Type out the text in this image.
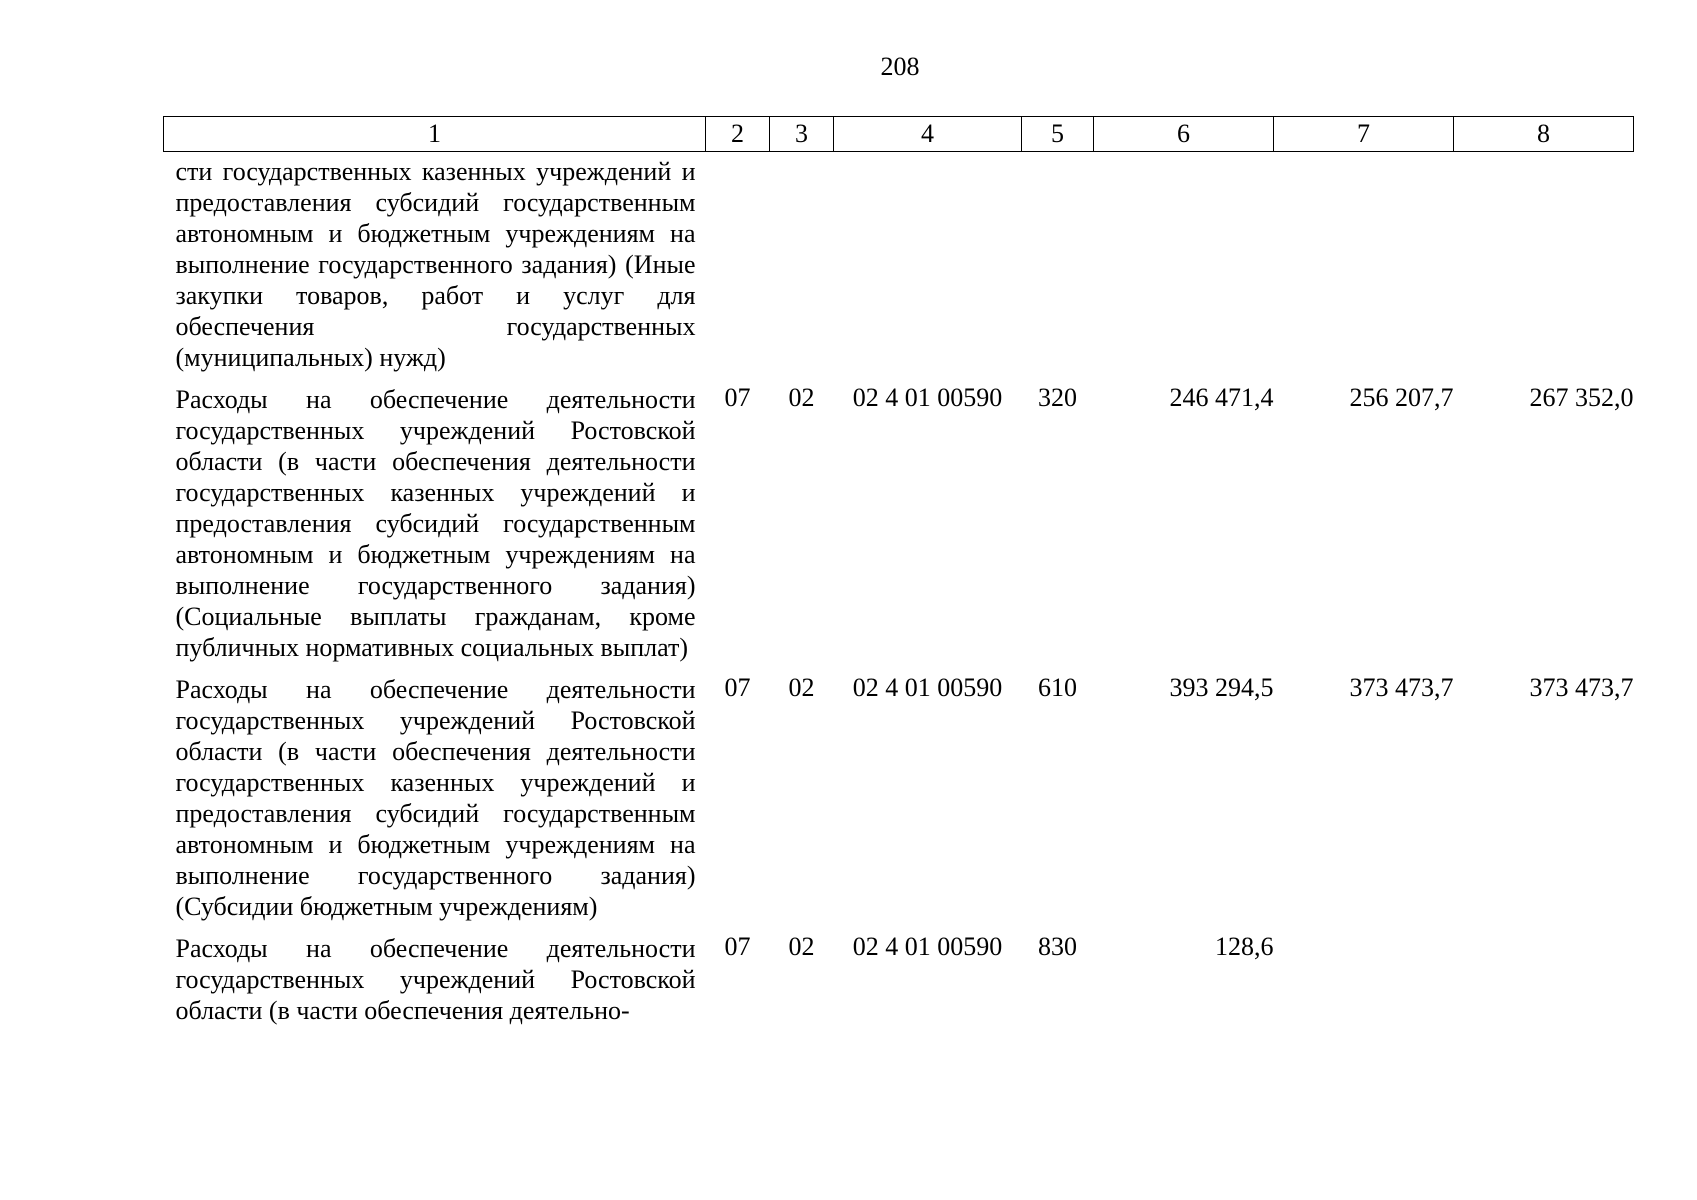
208
1	2	3	4	5	6	7	8
сти государственных казенных учреждений и предоставления субсидий государственным автономным и бюджетным учреждениям на выполнение государственного задания) (Иные закупки товаров, работ и услуг для обеспечения государственных (муниципальных) нужд)							
Расходы на обеспечение деятельности государственных учреждений Ростовской области (в части обеспечения деятельности государственных казенных учреждений и предоставления субсидий государственным автономным и бюджетным учреждениям на выполнение государственного задания) (Социальные выплаты гражданам, кроме публичных нормативных социальных выплат)	07	02	02 4 01 00590	320	246 471,4	256 207,7	267 352,0
Расходы на обеспечение деятельности государственных учреждений Ростовской области (в части обеспечения деятельности государственных казенных учреждений и предоставления субсидий государственным автономным и бюджетным учреждениям на выполнение государственного задания) (Субсидии бюджетным учреждениям)	07	02	02 4 01 00590	610	393 294,5	373 473,7	373 473,7
Расходы на обеспечение деятельности государственных учреждений Ростовской области (в части обеспечения деятельно-	07	02	02 4 01 00590	830	128,6		
